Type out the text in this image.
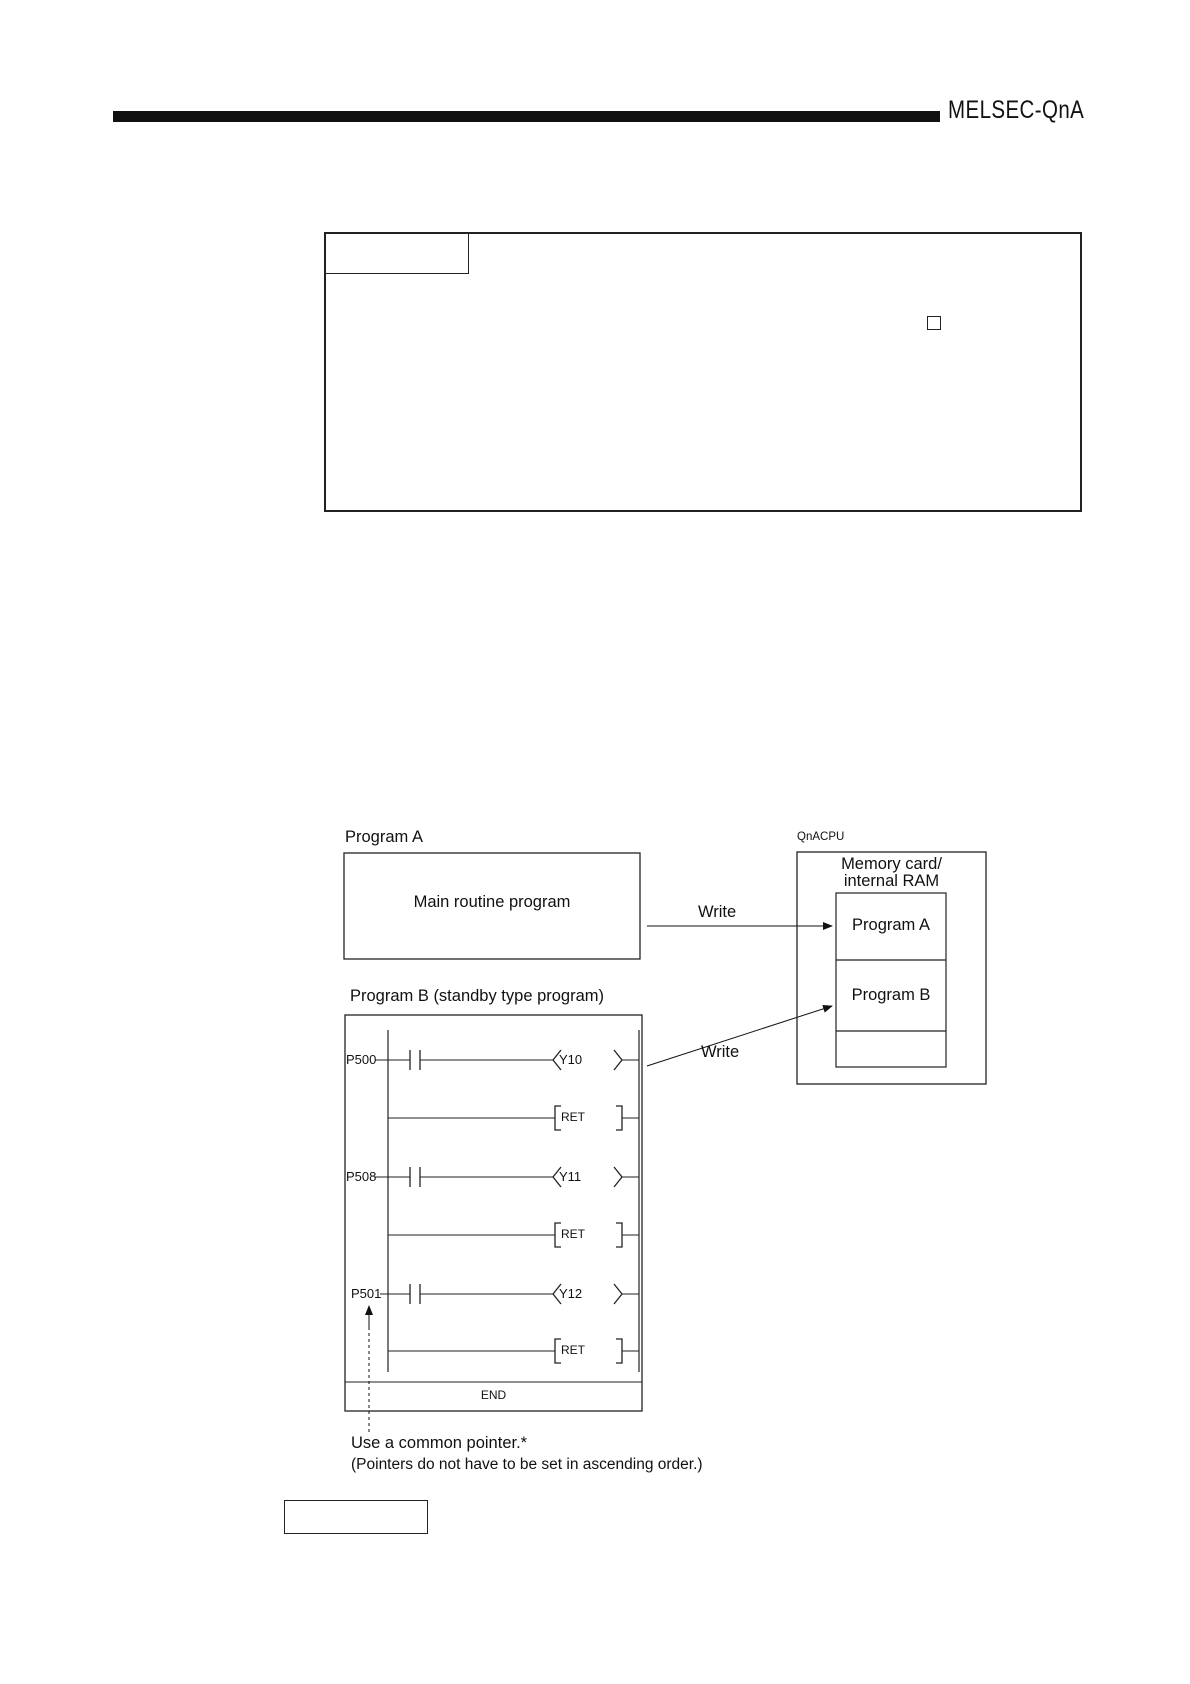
MELSEC-QnA
Program A
Main routine program
Write
Write
Program B (standby type program)
QnACPU
Memory card/
internal RAM
Program A
Program B
P500	Y10
RET
P508	Y11
RET
P501	Y12
RET
END
Use a common pointer.*
(Pointers do not have to be set in ascending order.)
